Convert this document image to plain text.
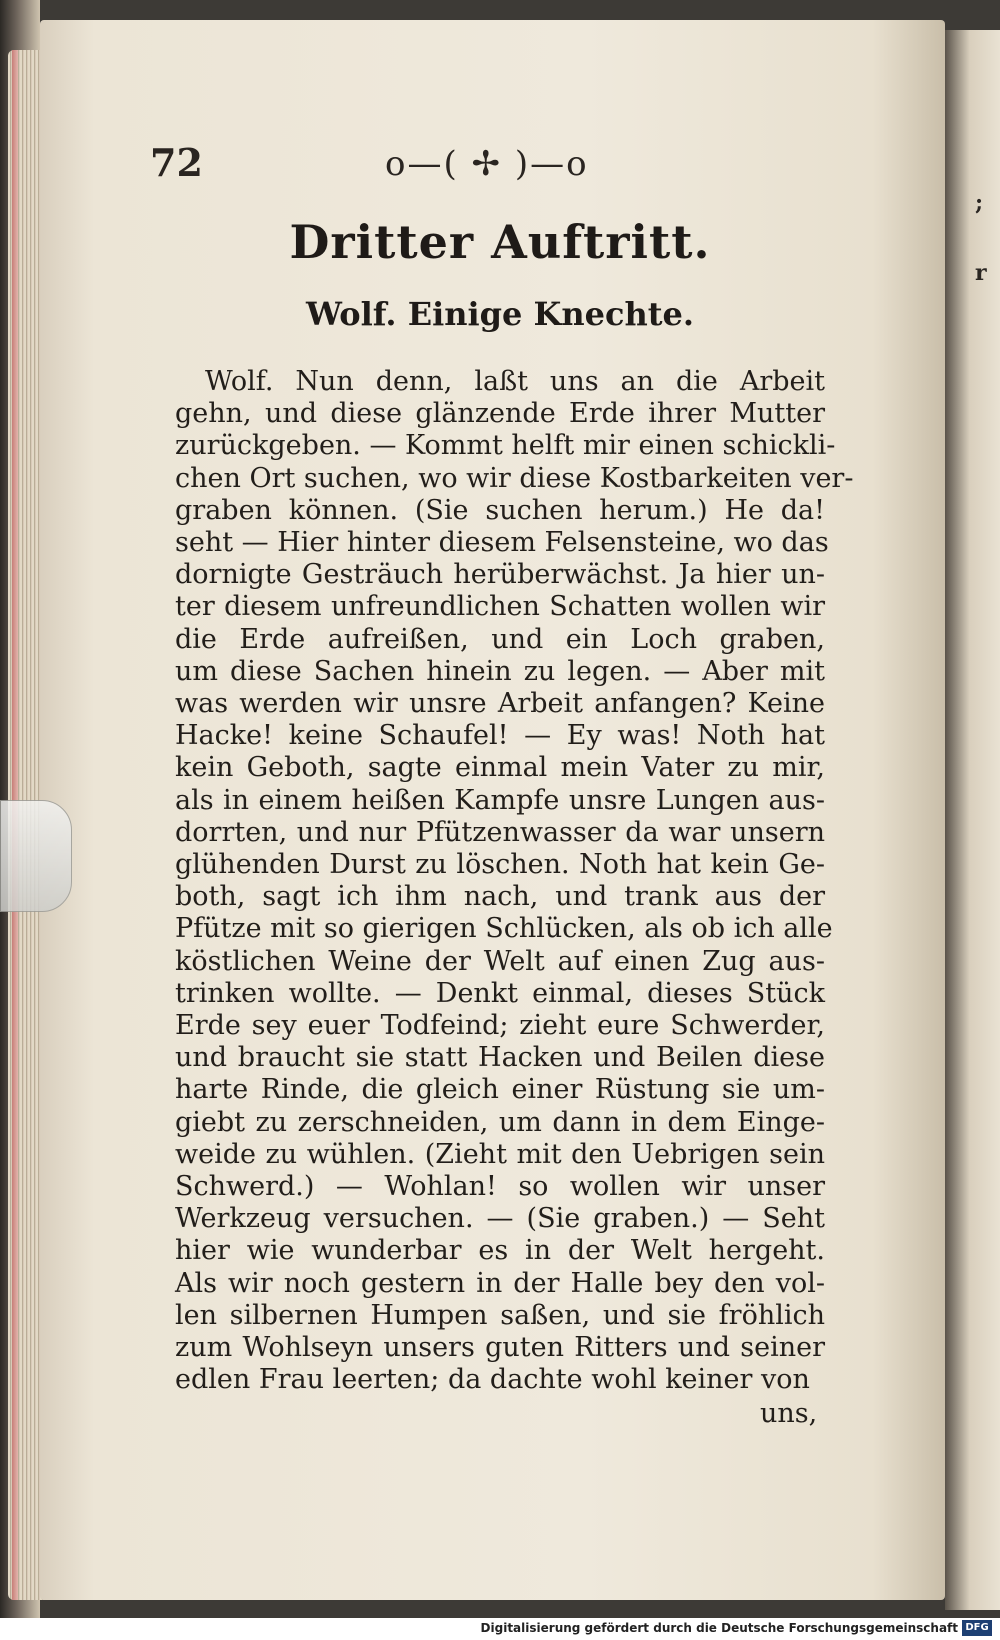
;
r
72	o—( ✢ )—o
Dritter Auftritt.
Wolf. Einige Knechte.
Wolf. Nun denn, laßt uns an die Arbeit
gehn, und diese glänzende Erde ihrer Mutter
zurückgeben. — Kommt helft mir einen schickli-
chen Ort suchen, wo wir diese Kostbarkeiten ver-
graben können. (Sie suchen herum.) He da!
seht — Hier hinter diesem Felsensteine, wo das
dornigte Gesträuch herüberwächst. Ja hier un-
ter diesem unfreundlichen Schatten wollen wir
die Erde aufreißen, und ein Loch graben,
um diese Sachen hinein zu legen. — Aber mit
was werden wir unsre Arbeit anfangen? Keine
Hacke! keine Schaufel! — Ey was! Noth hat
kein Geboth, sagte einmal mein Vater zu mir,
als in einem heißen Kampfe unsre Lungen aus-
dorrten, und nur Pfützenwasser da war unsern
glühenden Durst zu löschen. Noth hat kein Ge-
both, sagt ich ihm nach, und trank aus der
Pfütze mit so gierigen Schlücken, als ob ich alle
köstlichen Weine der Welt auf einen Zug aus-
trinken wollte. — Denkt einmal, dieses Stück
Erde sey euer Todfeind; zieht eure Schwerder,
und braucht sie statt Hacken und Beilen diese
harte Rinde, die gleich einer Rüstung sie um-
giebt zu zerschneiden, um dann in dem Einge-
weide zu wühlen. (Zieht mit den Uebrigen sein
Schwerd.) — Wohlan! so wollen wir unser
Werkzeug versuchen. — (Sie graben.) — Seht
hier wie wunderbar es in der Welt hergeht.
Als wir noch gestern in der Halle bey den vol-
len silbernen Humpen saßen, und sie fröhlich
zum Wohlseyn unsers guten Ritters und seiner
edlen Frau leerten; da dachte wohl keiner von
uns,
Digitalisierung gefördert durch die Deutsche Forschungsgemeinschaft DFG
